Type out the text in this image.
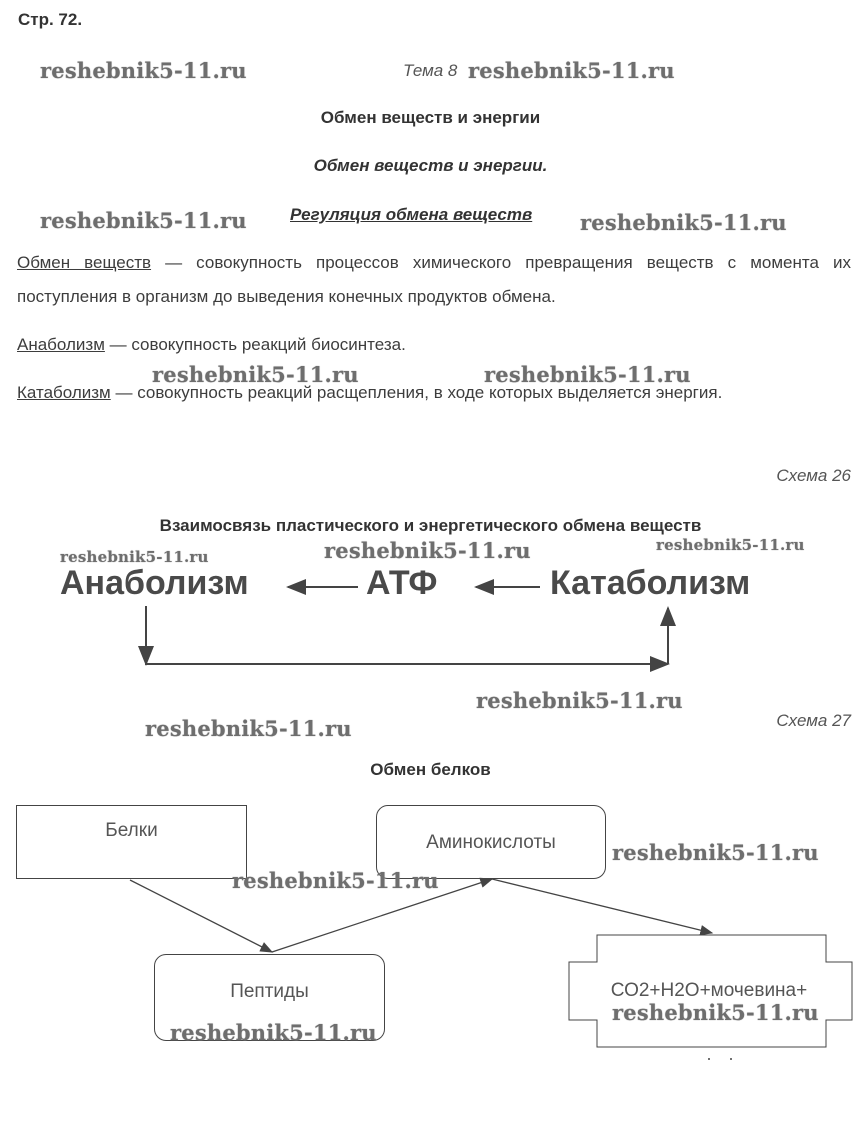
Стр. 72.
reshebnik5-11.ru	Тема 8 reshebnik5-11.ru
Обмен веществ и энергии
Обмен веществ и энергии.
reshebnik5-11.ru	Регуляция обмена веществ reshebnik5-11.ru
Обмен веществ — совокупность процессов химического превращения веществ с момента их поступления в организм до выведения конечных продуктов обмена.
Анаболизм — совокупность реакций биосинтеза.
reshebnik5-11.ru	reshebnik5-11.ru
Катаболизм — совокупность реакций расщепления, в ходе которых выделяется энергия.
Схема 26
Взаимосвязь пластического и энергетического обмена веществ
reshebnik5-11.ru	reshebnik5-11.ru	reshebnik5-11.ru
Анаболизм	АТФ	Катаболизм
reshebnik5-11.ru
reshebnik5-11.ru	Схема 27
Обмен белков
Белки
Аминокислоты
Пептиды	СО2+Н2О+мочевина+
reshebnik5-11.ru
reshebnik5-11.ru
reshebnik5-11.ru
reshebnik5-11.ru
